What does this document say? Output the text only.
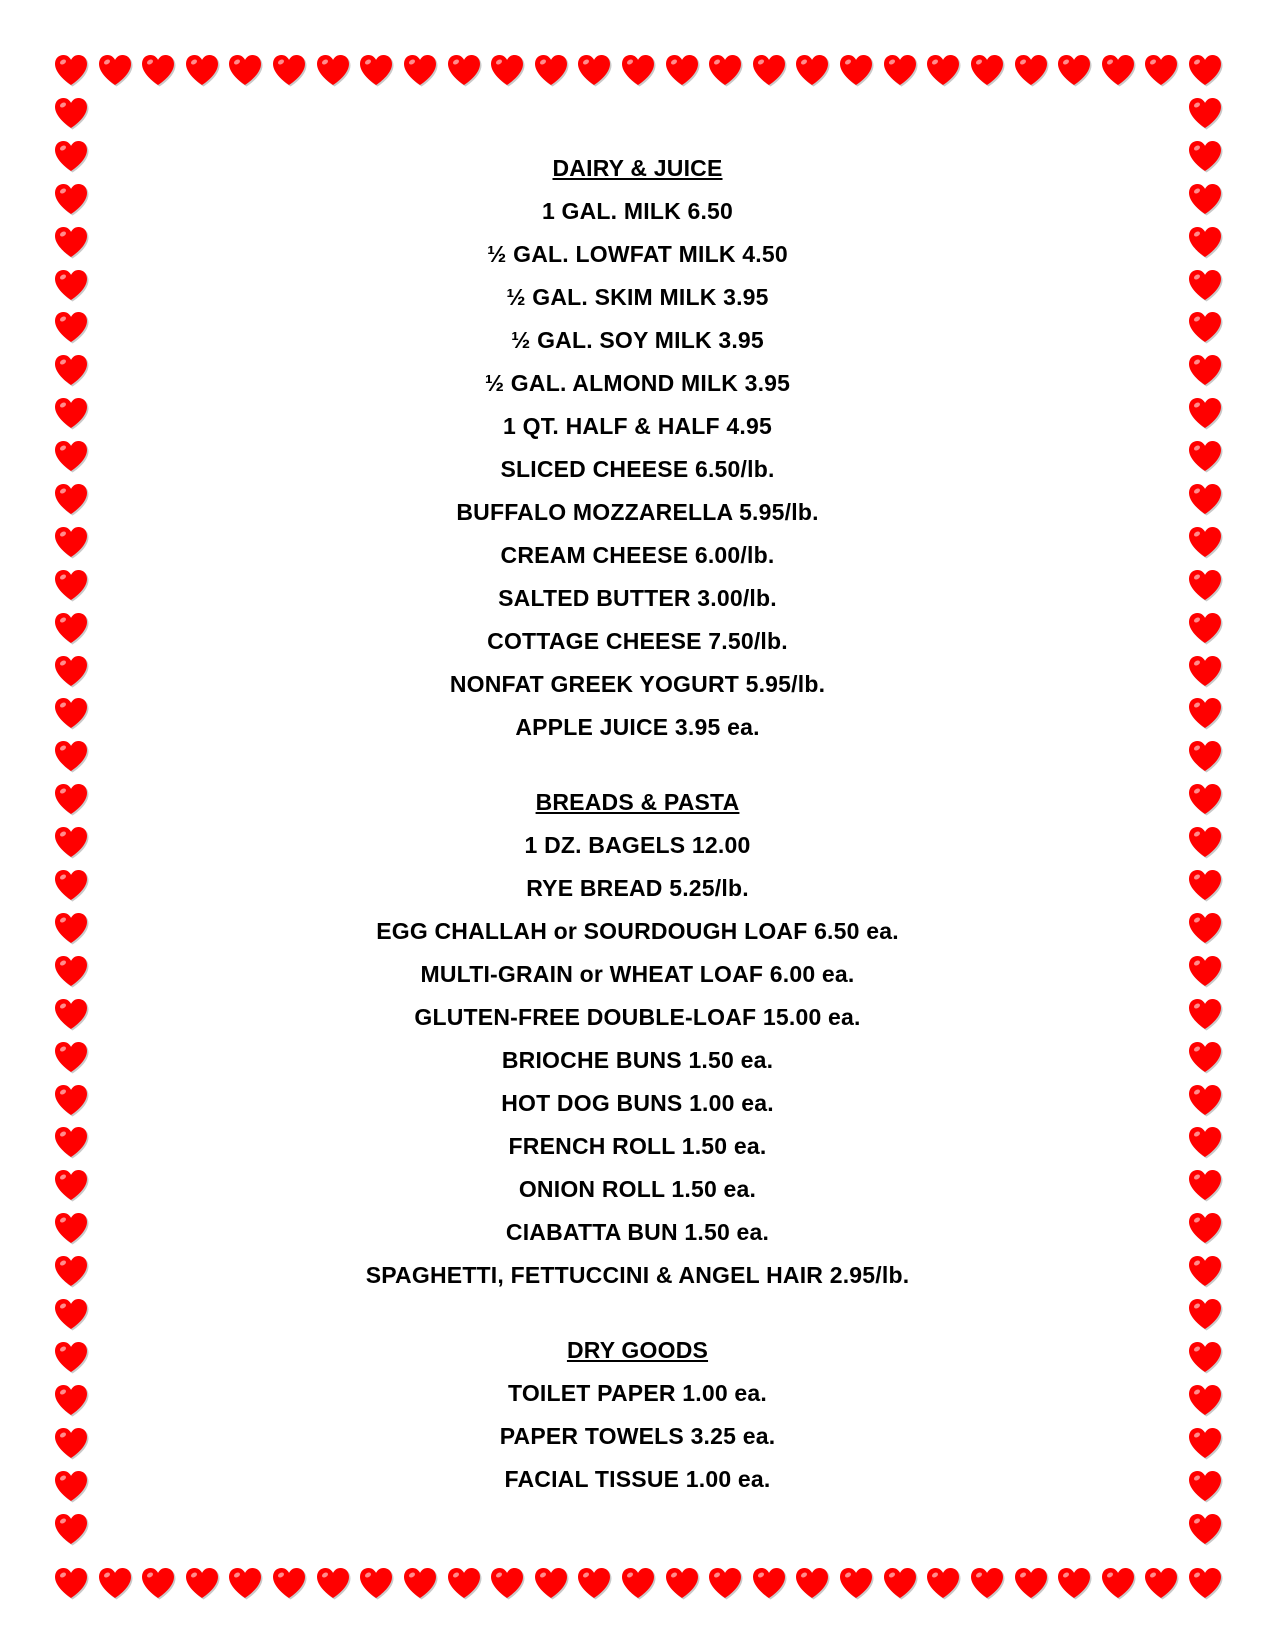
DAIRY & JUICE
1 GAL. MILK 6.50
½ GAL. LOWFAT MILK 4.50
½ GAL. SKIM MILK 3.95
½ GAL. SOY MILK 3.95
½ GAL. ALMOND MILK 3.95
1 QT. HALF & HALF 4.95
SLICED CHEESE 6.50/lb.
BUFFALO MOZZARELLA 5.95/lb.
CREAM CHEESE 6.00/lb.
SALTED BUTTER 3.00/lb.
COTTAGE CHEESE 7.50/lb.
NONFAT GREEK YOGURT 5.95/lb.
APPLE JUICE 3.95 ea.
BREADS & PASTA
1 DZ. BAGELS 12.00
RYE BREAD 5.25/lb.
EGG CHALLAH or SOURDOUGH LOAF 6.50 ea.
MULTI-GRAIN or WHEAT LOAF 6.00 ea.
GLUTEN-FREE DOUBLE-LOAF 15.00 ea.
BRIOCHE BUNS 1.50 ea.
HOT DOG BUNS 1.00 ea.
FRENCH ROLL 1.50 ea.
ONION ROLL 1.50 ea.
CIABATTA BUN 1.50 ea.
SPAGHETTI, FETTUCCINI & ANGEL HAIR 2.95/lb.
DRY GOODS
TOILET PAPER 1.00 ea.
PAPER TOWELS 3.25 ea.
FACIAL TISSUE 1.00 ea.
